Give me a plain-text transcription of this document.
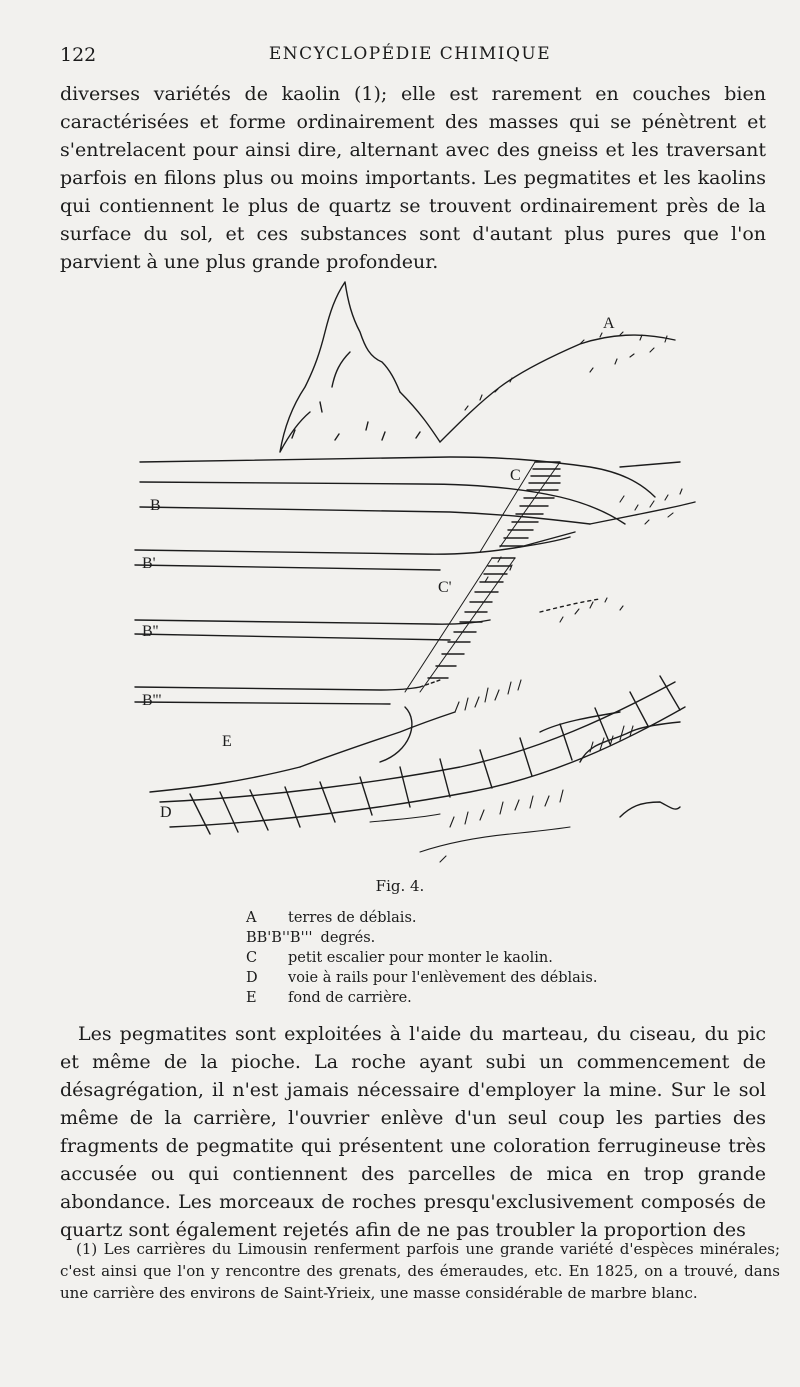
122	ENCYCLOPÉDIE CHIMIQUE

diverses variétés de kaolin (1); elle est rarement en couches bien caractérisées et forme ordinairement des masses qui se pénètrent et s'entrelacent pour ainsi dire, alternant avec des gneiss et les traversant parfois en filons plus ou moins importants. Les pegmatites et les kaolins qui contiennent le plus de quartz se trouvent ordinairement près de la surface du sol, et ces substances sont d'autant plus pures que l'on parvient à une plus grande profondeur.

A
B
B'
B''
B'''
C
C'
D
E
Fig. 4.
A	terres de déblais.
BB'B''B''' degrés.
C	petit escalier pour monter le kaolin.
D	voie à rails pour l'enlèvement des déblais.
E	fond de carrière.

Les pegmatites sont exploitées à l'aide du marteau, du ciseau, du pic et même de la pioche. La roche ayant subi un commencement de désagrégation, il n'est jamais nécessaire d'employer la mine. Sur le sol même de la carrière, l'ouvrier enlève d'un seul coup les parties des fragments de pegmatite qui présentent une coloration ferrugineuse très accusée ou qui contiennent des parcelles de mica en trop grande abondance. Les morceaux de roches presqu'exclusivement composés de quartz sont également rejetés afin de ne pas troubler la proportion des

(1) Les carrières du Limousin renferment parfois une grande variété d'espèces minérales; c'est ainsi que l'on y rencontre des grenats, des émeraudes, etc. En 1825, on a trouvé, dans une carrière des environs de Saint-Yrieix, une masse considérable de marbre blanc.
